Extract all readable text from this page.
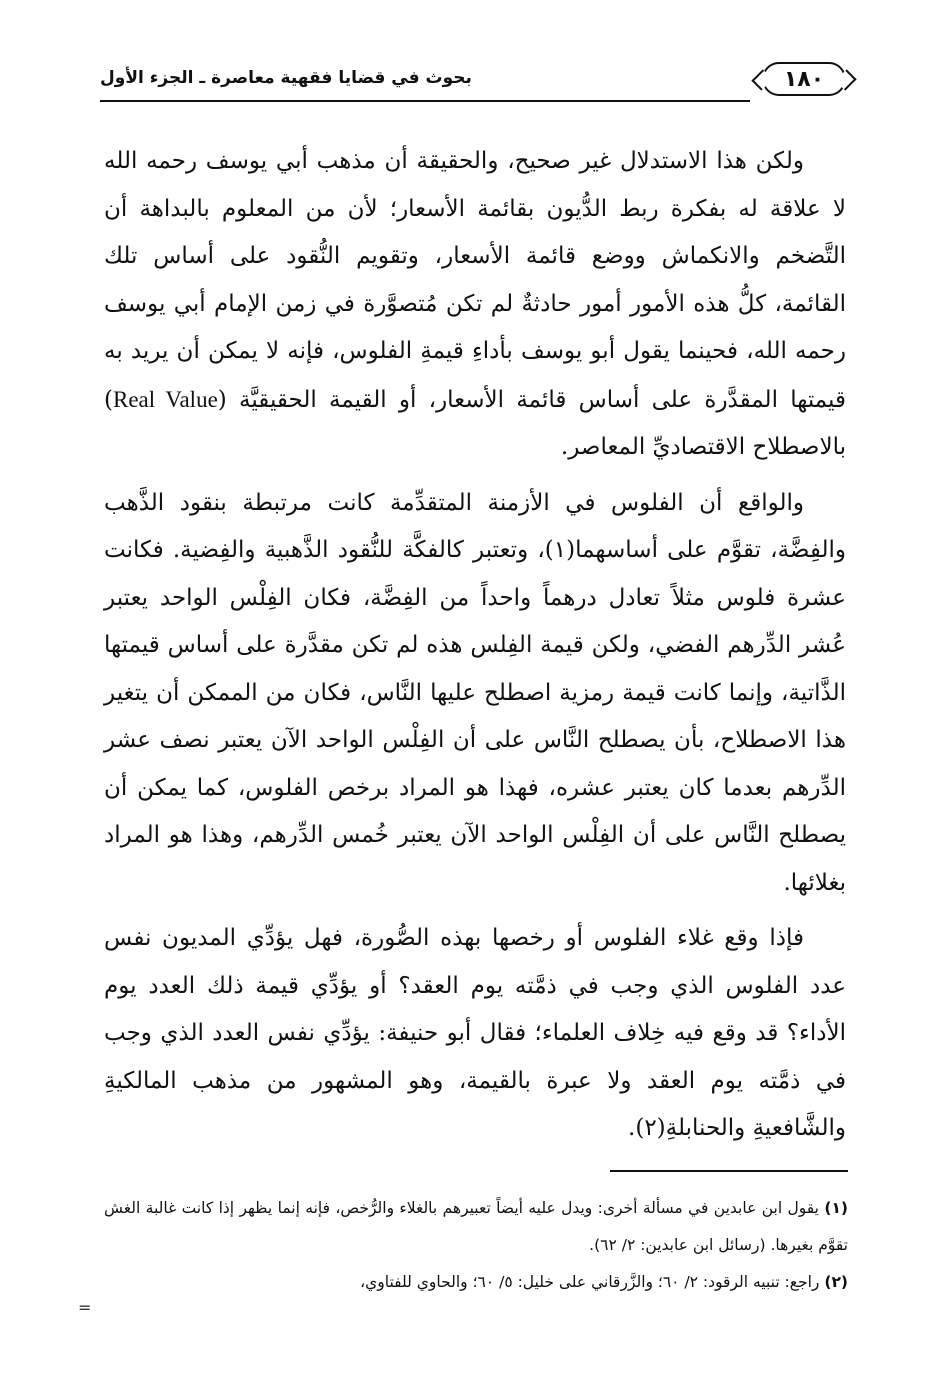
١٨٠
بحوث في قضايا فقهية معاصرة ـ الجزء الأول

ولكن هذا الاستدلال غير صحيح، والحقيقة أن مذهب أبي يوسف رحمه الله لا علاقة له بفكرة ربط الدُّيون بقائمة الأسعار؛ لأن من المعلوم بالبداهة أن التَّضخم والانكماش ووضع قائمة الأسعار، وتقويم النُّقود على أساس تلك القائمة، كلُّ هذه الأمور أمور حادثةٌ لم تكن مُتصوَّرة في زمن الإمام أبي يوسف رحمه الله، فحينما يقول أبو يوسف بأداءِ قيمةِ الفلوس، فإنه لا يمكن أن يريد به قيمتها المقدَّرة على أساس قائمة الأسعار، أو القيمة الحقيقيَّة (Real Value) بالاصطلاح الاقتصاديِّ المعاصر.

والواقع أن الفلوس في الأزمنة المتقدِّمة كانت مرتبطة بنقود الذَّهب والفِضَّة، تقوَّم على أساسهما(١)، وتعتبر كالفكَّة للنُّقود الذَّهبية والفِضية. فكانت عشرة فلوس مثلاً تعادل درهماً واحداً من الفِضَّة، فكان الفِلْس الواحد يعتبر عُشر الدِّرهم الفضي، ولكن قيمة الفِلس هذه لم تكن مقدَّرة على أساس قيمتها الذَّاتية، وإنما كانت قيمة رمزية اصطلح عليها النَّاس، فكان من الممكن أن يتغير هذا الاصطلاح، بأن يصطلح النَّاس على أن الفِلْس الواحد الآن يعتبر نصف عشر الدِّرهم بعدما كان يعتبر عشره، فهذا هو المراد برخص الفلوس، كما يمكن أن يصطلح النَّاس على أن الفِلْس الواحد الآن يعتبر خُمس الدِّرهم، وهذا هو المراد بغلائها.

فإذا وقع غلاء الفلوس أو رخصها بهذه الصُّورة، فهل يؤدِّي المديون نفس عدد الفلوس الذي وجب في ذمَّته يوم العقد؟ أو يؤدِّي قيمة ذلك العدد يوم الأداء؟ قد وقع فيه خِلاف العلماء؛ فقال أبو حنيفة: يؤدِّي نفس العدد الذي وجب في ذمَّته يوم العقد ولا عبرة بالقيمة، وهو المشهور من مذهب المالكيةِ والشَّافعيةِ والحنابلةِ(٢).

(١) يقول ابن عابدين في مسألة أخرى: ويدل عليه أيضاً تعبيرهم بالغلاء والرُّخص، فإنه إنما يظهر إذا كانت غالبة الغش تقوَّم بغيرها. (رسائل ابن عابدين: ٢/ ٦٢).

(٢) راجع: تنبيه الرقود: ٢/ ٦٠؛ والزَّرقاني على خليل: ٥/ ٦٠؛ والحاوي للفتاوي،

=
